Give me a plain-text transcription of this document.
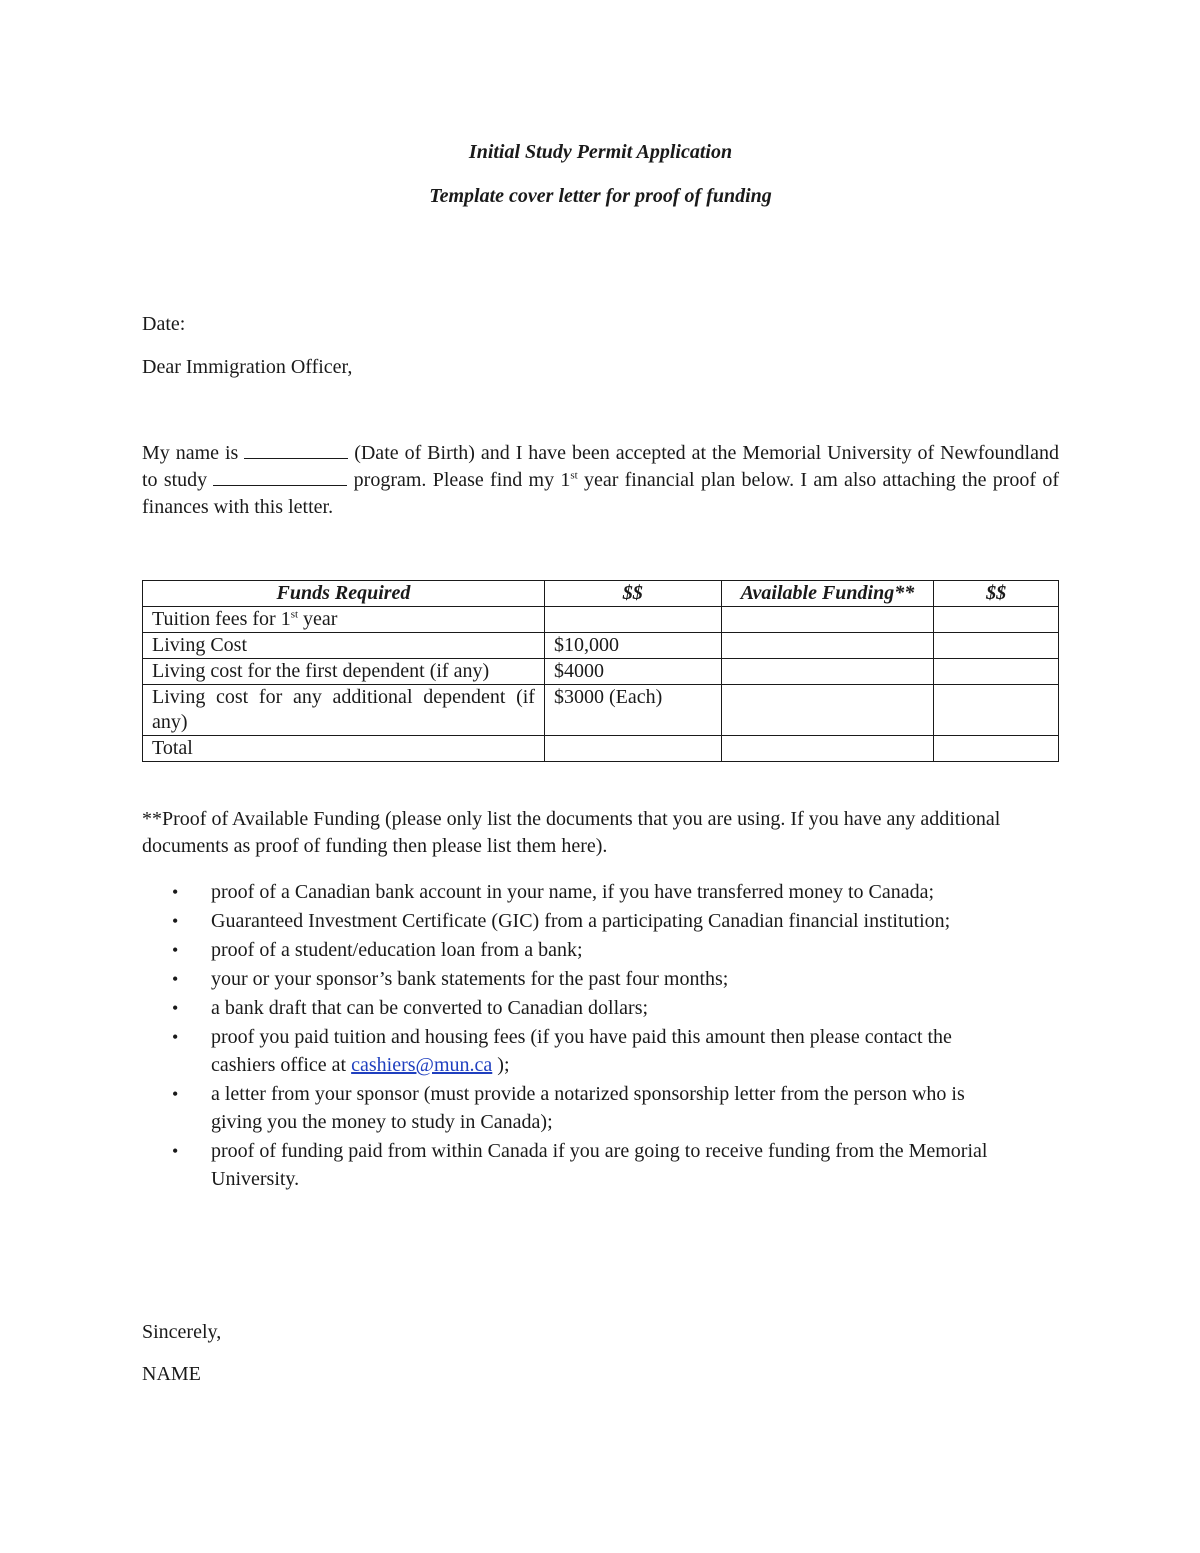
Initial Study Permit Application
Template cover letter for proof of funding
Date:
Dear Immigration Officer,
My name is	(Date of Birth) and I have been accepted at the Memorial University of Newfoundland to study	program. Please find my 1st year financial plan below. I am also attaching the proof of finances with this letter.
Funds Required	$$	Available Funding**	$$
Tuition fees for 1st year			
Living Cost	$10,000		
Living cost for the first dependent (if any)	$4000		
Living cost for any additional dependent (if any)	$3000 (Each)		
Total			
**Proof of Available Funding (please only list the documents that you are using. If you have any additional documents as proof of funding then please list them here).
• proof of a Canadian bank account in your name, if you have transferred money to Canada;
• Guaranteed Investment Certificate (GIC) from a participating Canadian financial institution;
• proof of a student/education loan from a bank;
• your or your sponsor’s bank statements for the past four months;
• a bank draft that can be converted to Canadian dollars;
• proof you paid tuition and housing fees (if you have paid this amount then please contact the cashiers office at cashiers@mun.ca );
• a letter from your sponsor (must provide a notarized sponsorship letter from the person who is giving you the money to study in Canada);
• proof of funding paid from within Canada if you are going to receive funding from the Memorial University.
Sincerely,
NAME
